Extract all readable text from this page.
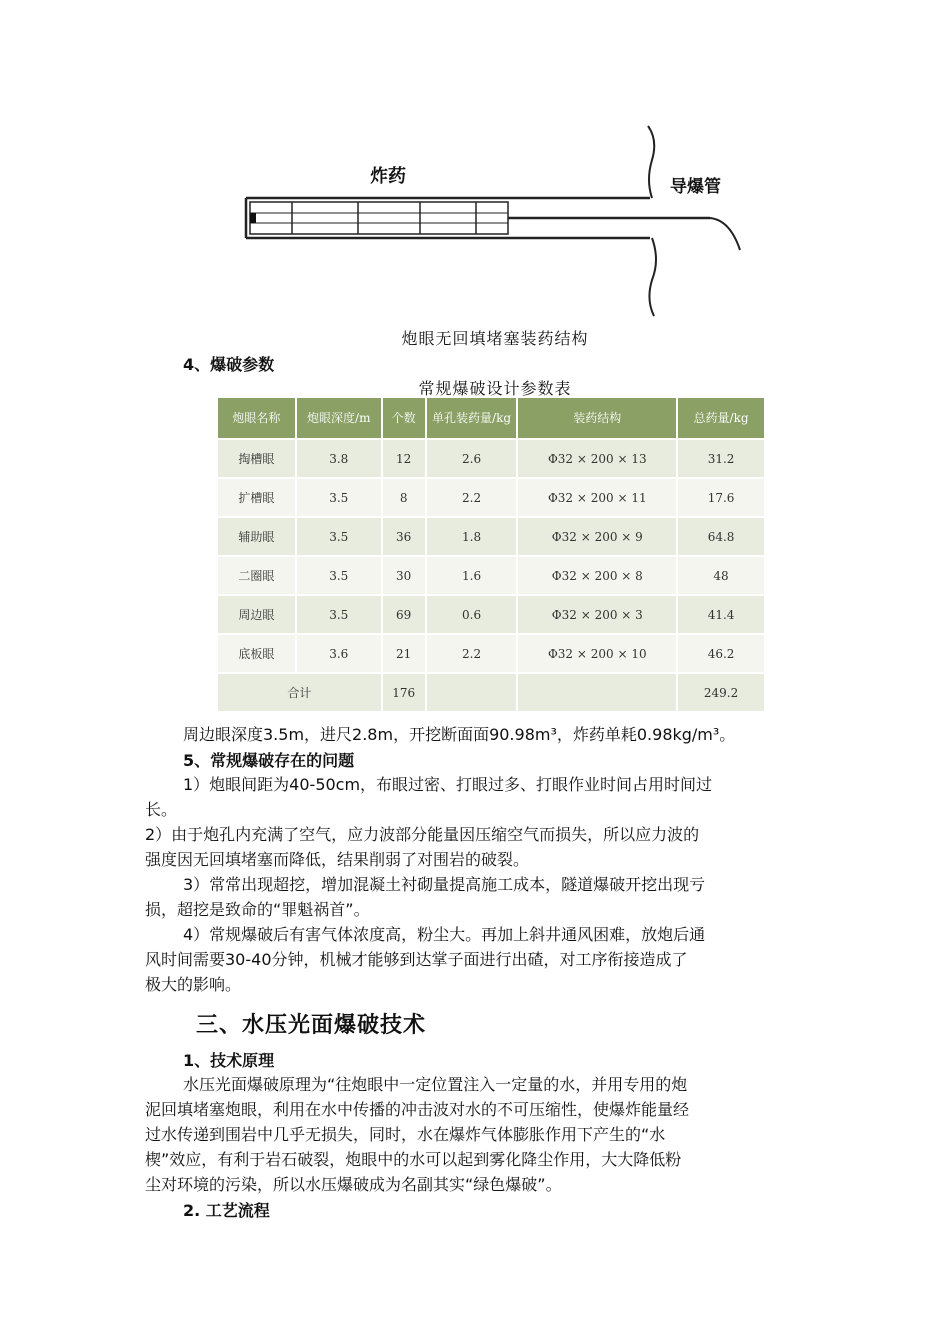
炸药	导爆管
炮眼无回填堵塞装药结构
4、爆破参数
常规爆破设计参数表
炮眼名称	炮眼深度/m	个数	单孔装药量/kg	装药结构	总药量/kg
掏槽眼	3.8	12	2.6	Φ32 × 200 × 13	31.2
扩槽眼	3.5	8	2.2	Φ32 × 200 × 11	17.6
辅助眼	3.5	36	1.8	Φ32 × 200 × 9	64.8
二圈眼	3.5	30	1.6	Φ32 × 200 × 8	48
周边眼	3.5	69	0.6	Φ32 × 200 × 3	41.4
底板眼	3.6	21	2.2	Φ32 × 200 × 10	46.2
合计		176			249.2
周边眼深度3.5m，进尺2.8m，开挖断面面90.98m³，炸药单耗0.98kg/m³。
5、常规爆破存在的问题
1）炮眼间距为40-50cm，布眼过密、打眼过多、打眼作业时间占用时间过
长。
2）由于炮孔内充满了空气，应力波部分能量因压缩空气而损失，所以应力波的
强度因无回填堵塞而降低，结果削弱了对围岩的破裂。
3）常常出现超挖，增加混凝土衬砌量提高施工成本，隧道爆破开挖出现亏
损，超挖是致命的“罪魁祸首”。
4）常规爆破后有害气体浓度高，粉尘大。再加上斜井通风困难，放炮后通
风时间需要30-40分钟，机械才能够到达掌子面进行出碴，对工序衔接造成了
极大的影响。
三、水压光面爆破技术
1、技术原理
水压光面爆破原理为“往炮眼中一定位置注入一定量的水，并用专用的炮
泥回填堵塞炮眼，利用在水中传播的冲击波对水的不可压缩性，使爆炸能量经
过水传递到围岩中几乎无损失，同时，水在爆炸气体膨胀作用下产生的“水
楔”效应，有利于岩石破裂，炮眼中的水可以起到雾化降尘作用，大大降低粉
尘对环境的污染，所以水压爆破成为名副其实“绿色爆破”。
2. 工艺流程
